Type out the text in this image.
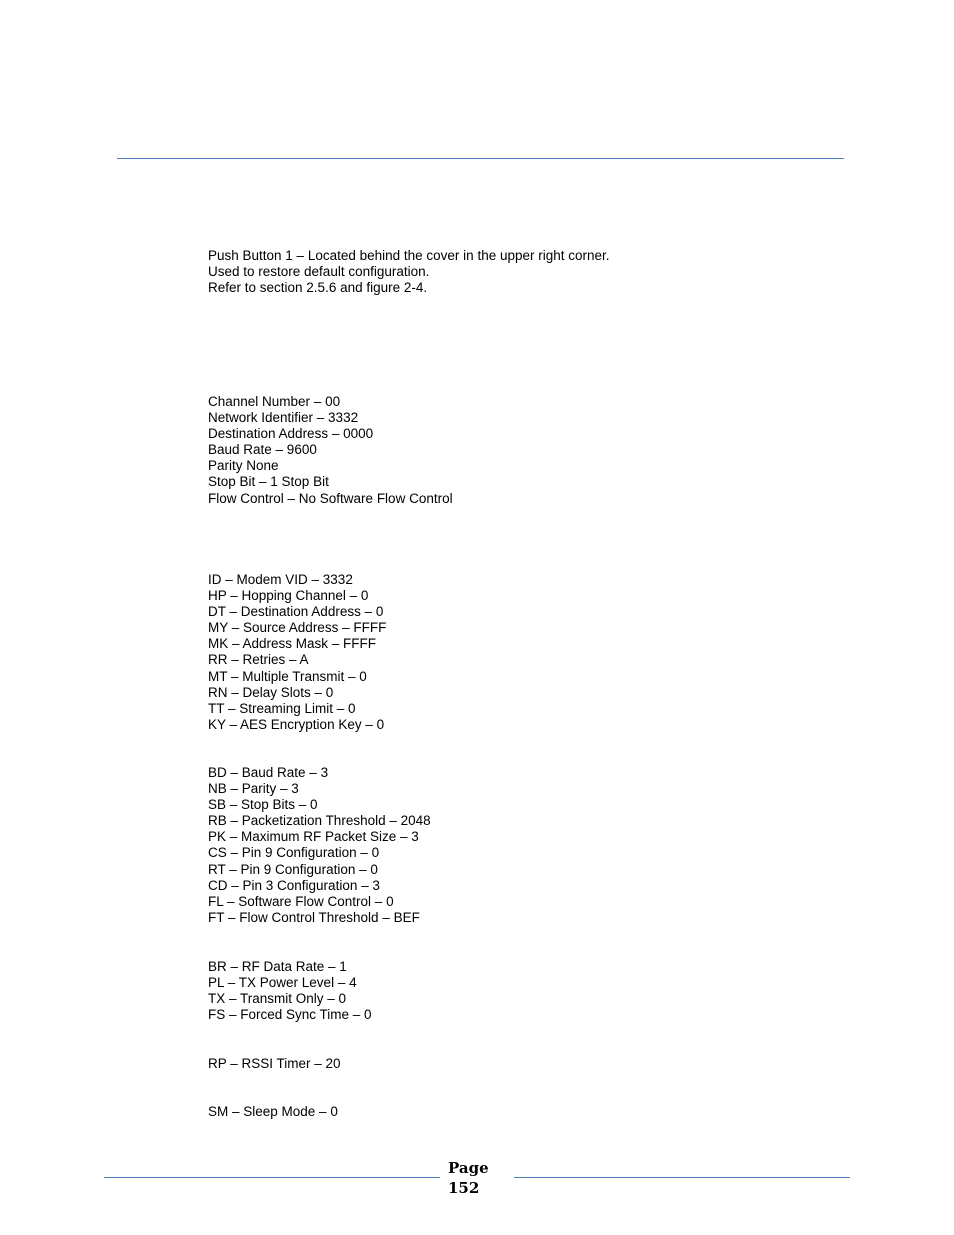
Push Button 1 – Located behind the cover in the upper right corner.
Used to restore default configuration.
Refer to section 2.5.6 and figure 2-4.
Channel Number – 00
Network Identifier – 3332
Destination Address – 0000
Baud Rate – 9600
Parity None
Stop Bit – 1 Stop Bit
Flow Control – No Software Flow Control
ID – Modem VID – 3332
HP – Hopping Channel – 0
DT – Destination Address – 0
MY – Source Address – FFFF
MK – Address Mask – FFFF
RR – Retries – A
MT – Multiple Transmit – 0
RN – Delay Slots – 0
TT – Streaming Limit – 0
KY – AES Encryption Key – 0
BD – Baud Rate – 3
NB – Parity – 3
SB – Stop Bits – 0
RB – Packetization Threshold – 2048
PK – Maximum RF Packet Size – 3
CS – Pin 9 Configuration – 0
RT – Pin 9 Configuration – 0
CD – Pin 3 Configuration – 3
FL – Software Flow Control – 0
FT – Flow Control Threshold – BEF
BR – RF Data Rate – 1
PL – TX Power Level – 4
TX – Transmit Only – 0
FS – Forced Sync Time – 0
RP – RSSI Timer – 20
SM – Sleep Mode – 0
Page
152
